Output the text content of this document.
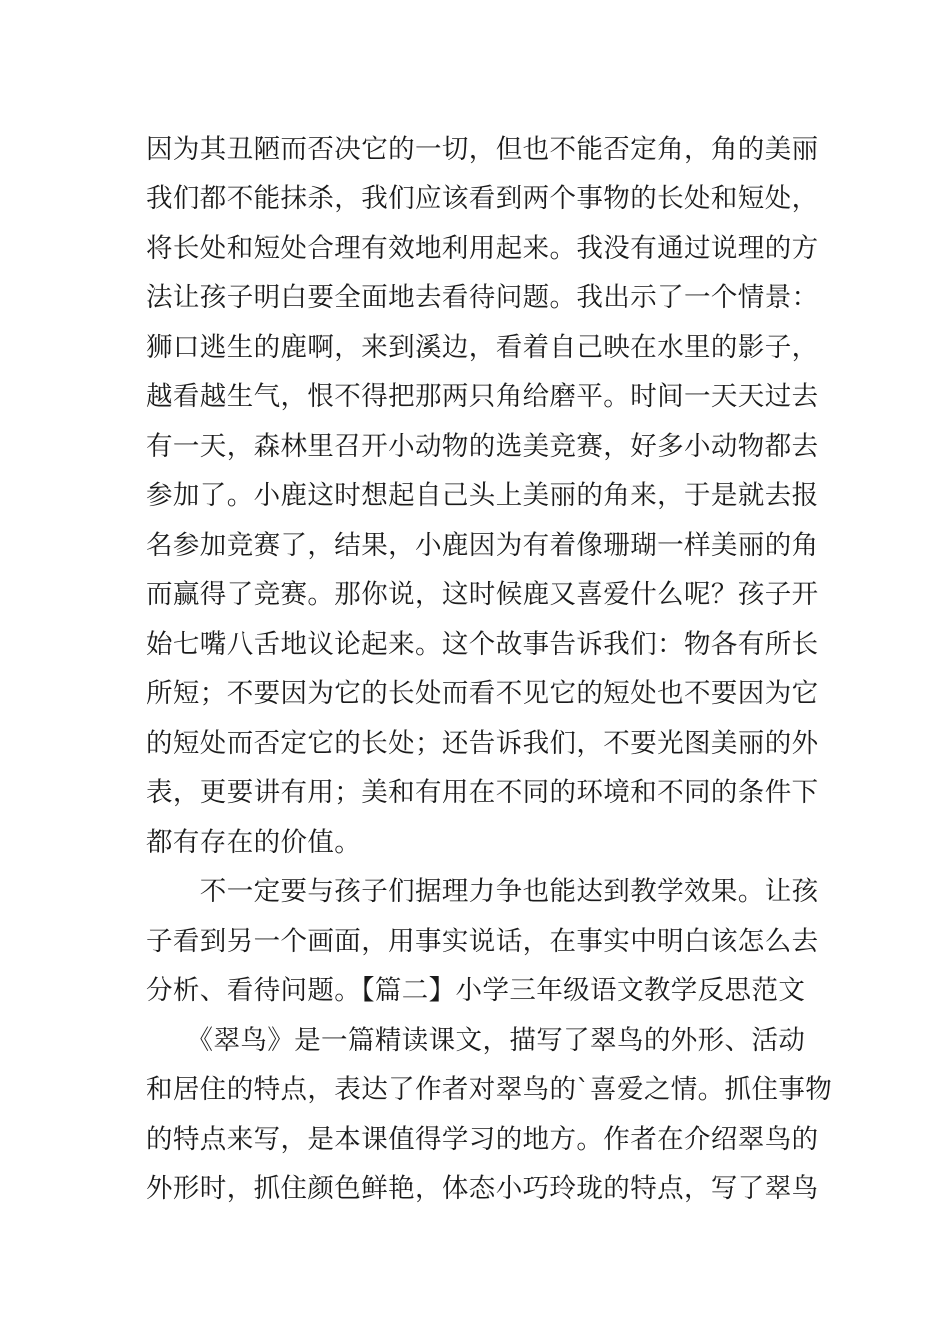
因为其丑陋而否决它的一切，但也不能否定角，角的美丽
我们都不能抹杀，我们应该看到两个事物的长处和短处，
将长处和短处合理有效地利用起来。我没有通过说理的方
法让孩子明白要全面地去看待问题。我出示了一个情景：
狮口逃生的鹿啊，来到溪边，看着自己映在水里的影子，
越看越生气，恨不得把那两只角给磨平。时间一天天过去
有一天，森林里召开小动物的选美竞赛，好多小动物都去
参加了。小鹿这时想起自己头上美丽的角来，于是就去报
名参加竞赛了，结果，小鹿因为有着像珊瑚一样美丽的角
而赢得了竞赛。那你说，这时候鹿又喜爱什么呢？孩子开
始七嘴八舌地议论起来。这个故事告诉我们：物各有所长
所短；不要因为它的长处而看不见它的短处也不要因为它
的短处而否定它的长处；还告诉我们，不要光图美丽的外
表，更要讲有用；美和有用在不同的环境和不同的条件下
都有存在的价值。
　　不一定要与孩子们据理力争也能达到教学效果。让孩
子看到另一个画面，用事实说话，在事实中明白该怎么去
分析、看待问题。【篇二】小学三年级语文教学反思范文
　　《翠鸟》是一篇精读课文，描写了翠鸟的外形、活动
和居住的特点，表达了作者对翠鸟的`喜爱之情。抓住事物
的特点来写，是本课值得学习的地方。作者在介绍翠鸟的
外形时，抓住颜色鲜艳，体态小巧玲珑的特点，写了翠鸟
